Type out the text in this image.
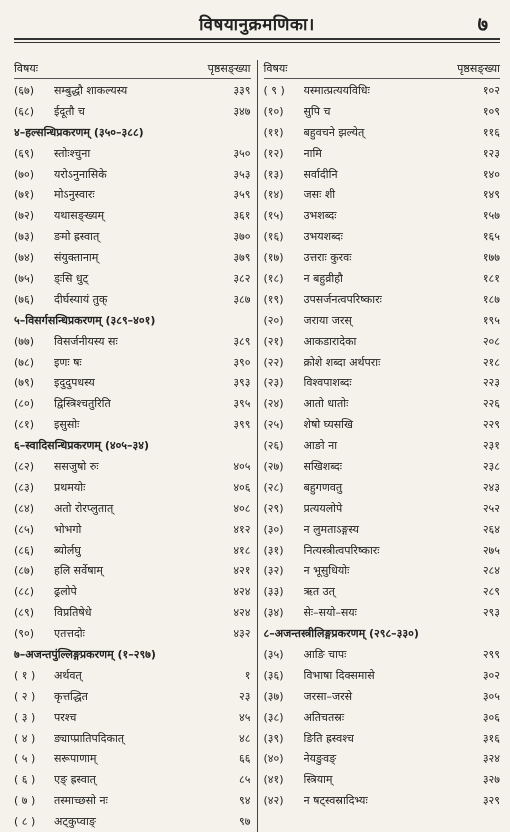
विषयानुक्रमणिका।	७
विषयः	पृष्ठसङ्ख्या
(६७)	सम्बुद्धौ शाकल्यस्य	३३९
(६८)	ईदूतौ च	३४७
४–हल्सन्धिप्रकरणम् (३५०–३८८)
(६९)	स्तोःश्चुना	३५०
(७०)	यरोऽनुनासिके	३५३
(७१)	मोऽनुस्वारः	३५९
(७२)	यथासङ्ख्यम्	३६१
(७३)	ङमो ह्रस्वात्	३७०
(७४)	संयुक्तानाम्	३७९
(७५)	ड्ःसि धुट्	३८२
(७६)	दीर्घस्यायं तुक्	३८७
५–विसर्गसन्धिप्रकरणम् (३८९–४०१)
(७७)	विसर्जनीयस्य सः	३८९
(७८)	इणः षः	३९०
(७९)	इदुदुपधस्य	३९३
(८०)	द्विस्त्रिश्चतुरिति	३९५
(८१)	इसुसोः	३९९
६–स्वादिसन्धिप्रकरणम् (४०५–३४)
(८२)	ससजुषो रुः	४०५
(८३)	प्रथमयोः	४०६
(८४)	अतो रोरप्लुतात्	४०८
(८५)	भोभगो	४१२
(८६)	ब्योर्लघु	४१८
(८७)	हलि सर्वेषाम्	४२१
(८८)	ढ्रलोपे	४२४
(८९)	विप्रतिषेधे	४२४
(९०)	एतत्तदोः	४३२
७–अजन्तपुंल्लिङ्गप्रकरणम् (१–२९७)
( १ )	अर्थवत्	१
( २ )	कृत्तद्धित	२३
( ३ )	परश्च	४५
( ४ )	ङ्याप्प्रातिपदिकात्	४८
( ५ )	सरूपाणाम्	६६
( ६ )	एङ् ह्रस्वात्	८५
( ७ )	तस्माच्छसो नः	९४
( ८ )	अट्कुप्वाङ्	९७
विषयः	पृष्ठसङ्ख्या
( ९ )	यस्मात्प्रत्ययविधिः	१०२
(१०)	सुपि च	१०९
(११)	बहुवचने झल्येत्	११६
(१२)	नामि	१२३
(१३)	सर्वादीनि	१४०
(१४)	जसः शी	१४९
(१५)	उभशब्दः	१५७
(१६)	उभयशब्दः	१६५
(१७)	उत्तराः कुरवः	१७७
(१८)	न बहुव्रीहौ	१८१
(१९)	उपसर्जनत्वपरिष्कारः	१८७
(२०)	जराया जरस्	१९५
(२१)	आकडारादेका	२०८
(२२)	क्रोशे शब्दा अर्थपराः	२१८
(२३)	विश्वपाशब्दः	२२३
(२४)	आतो धातोः	२२६
(२५)	शेषो घ्यसखि	२२९
(२६)	आङो ना	२३१
(२७)	सखिशब्दः	२३८
(२८)	बहुगणवतु	२४३
(२९)	प्रत्ययलोपे	२५२
(३०)	न लुमताऽङ्गस्य	२६४
(३१)	नित्यस्त्रीत्वपरिष्कारः	२७५
(३२)	न भूसुधियोः	२८४
(३३)	ऋत उत्	२८९
(३४)	सेः–सयो–सयः	२९३
८–अजन्तस्त्रीलिङ्गप्रकरणम् (२९८–३३०)
(३५)	आङि चापः	२९९
(३६)	विभाषा दिक्समासे	३०२
(३७)	जरसा–जरसे	३०५
(३८)	अतिचतस्रः	३०६
(३९)	ङिति ह्रस्वश्च	३१६
(४०)	नेयङुवङ्	३२४
(४१)	स्त्रियाम्	३२७
(४२)	न षट्स्वस्रादिभ्यः	३२९
